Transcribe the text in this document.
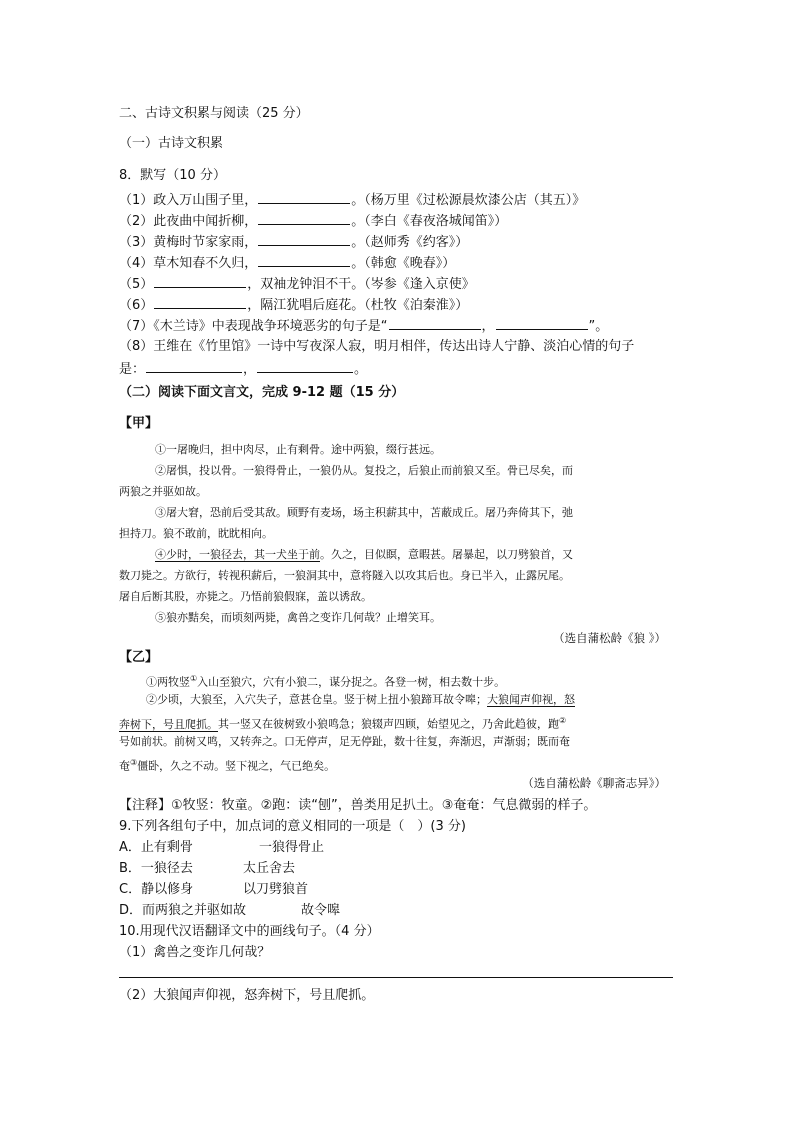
二、古诗文积累与阅读（25 分）
（一）古诗文积累
8．默写（10 分）
（1）政入万山围子里，	。（杨万里《过松源晨炊漆公店（其五）》
（2）此夜曲中闻折柳，	。（李白《春夜洛城闻笛》）
（3）黄梅时节家家雨，	。（赵师秀《约客》）
（4）草木知春不久归，	。（韩愈《晚春》）
（5）	，双袖龙钟泪不干。（岑参《逢入京使》
（6）	，隔江犹唱后庭花。（杜牧《泊秦淮》）
（7）《木兰诗》中表现战争环境恶劣的句子是“	，	”。
（8）王维在《竹里馆》一诗中写夜深人寂，明月相伴，传达出诗人宁静、淡泊心情的句子
是：	，	。
（二）阅读下面文言文，完成 9-12 题（15 分）
【甲】
①一屠晚归，担中肉尽，止有剩骨。途中两狼，缀行甚远。
②屠惧，投以骨。一狼得骨止，一狼仍从。复投之，后狼止而前狼又至。骨已尽矣，而
两狼之并驱如故。
③屠大窘，恐前后受其敌。顾野有麦场，场主积薪其中，苫蔽成丘。屠乃奔倚其下，弛
担持刀。狼不敢前，眈眈相向。
④少时，一狼径去，其一犬坐于前。久之，目似瞑，意暇甚。屠暴起，以刀劈狼首，又
数刀毙之。方欲行，转视积薪后，一狼洞其中，意将隧入以攻其后也。身已半入，止露尻尾。
屠自后断其股，亦毙之。乃悟前狼假寐，盖以诱敌。
⑤狼亦黠矣，而顷刻两毙，禽兽之变诈几何哉？止增笑耳。
（选自蒲松龄《狼 》）
【乙】
①两牧竖①入山至狼穴，穴有小狼二，谋分捉之。各登一树，相去数十步。
②少顷，大狼至，入穴失子，意甚仓皇。竖于树上扭小狼蹄耳故令嗥；大狼闻声仰视，怒
奔树下，号且爬抓。其一竖又在彼树致小狼鸣急；狼辍声四顾，始望见之，乃舍此趋彼，跑②
号如前状。前树又鸣，又转奔之。口无停声，足无停趾，数十往复，奔渐迟，声渐弱；既而奄
奄③僵卧，久之不动。竖下视之，气已绝矣。
（选自蒲松龄《聊斋志异》）
【注释】①牧竖：牧童。②跑：读“刨”，兽类用足扒土。③奄奄：气息微弱的样子。
9.下列各组句子中，加点词的意义相同的一项是（　）(3 分)
A．止有剩骨	一狼得骨止
B．一狼径去	太丘舍去
C．静以修身	以刀劈狼首
D．而两狼之并驱如故	故令嗥
10.用现代汉语翻译文中的画线句子。（4 分）
（1）禽兽之变诈几何哉？
（2）大狼闻声仰视，怒奔树下，号且爬抓。
